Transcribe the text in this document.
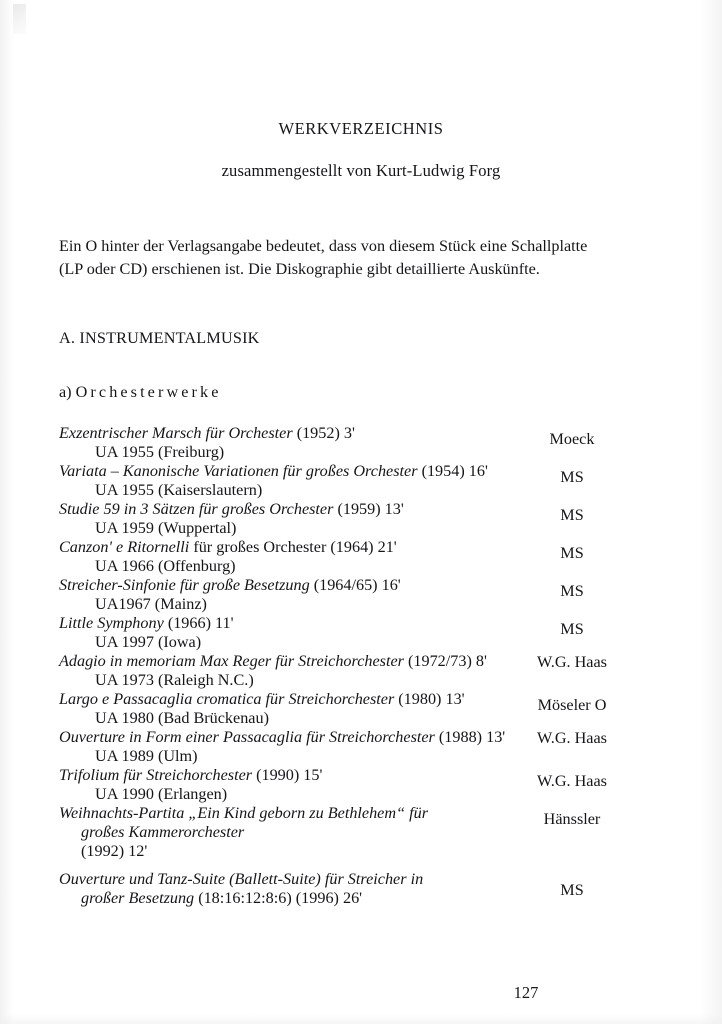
WERKVERZEICHNIS
zusammengestellt von Kurt-Ludwig Forg
Ein O hinter der Verlagsangabe bedeutet, dass von diesem Stück eine Schallplatte (LP oder CD) erschienen ist. Die Diskographie gibt detaillierte Auskünfte.
A. INSTRUMENTALMUSIK
a) Orchesterwerke
Exzentrischer Marsch für Orchester (1952) 3'
UA 1955 (Freiburg)
Moeck
Variata – Kanonische Variationen für großes Orchester (1954) 16'
UA 1955 (Kaiserslautern)
MS
Studie 59 in 3 Sätzen für großes Orchester (1959) 13'
UA 1959 (Wuppertal)
MS
Canzon' e Ritornelli für großes Orchester (1964) 21'
UA 1966 (Offenburg)
MS
Streicher-Sinfonie für große Besetzung (1964/65) 16'
UA1967 (Mainz)
MS
Little Symphony (1966) 11'
UA 1997 (Iowa)
MS
Adagio in memoriam Max Reger für Streichorchester (1972/73) 8'
UA 1973 (Raleigh N.C.)
W.G. Haas
Largo e Passacaglia cromatica für Streichorchester (1980) 13'
UA 1980 (Bad Brückenau)
Möseler O
Ouverture in Form einer Passacaglia für Streichorchester (1988) 13'
UA 1989 (Ulm)
W.G. Haas
Trifolium für Streichorchester (1990) 15'
UA 1990 (Erlangen)
W.G. Haas
Weihnachts-Partita „Ein Kind geborn zu Bethlehem“ für
großes Kammerorchester
(1992) 12'
Hänssler
Ouverture und Tanz-Suite (Ballett-Suite) für Streicher in
großer Besetzung (18:16:12:8:6) (1996) 26'	MS
127
